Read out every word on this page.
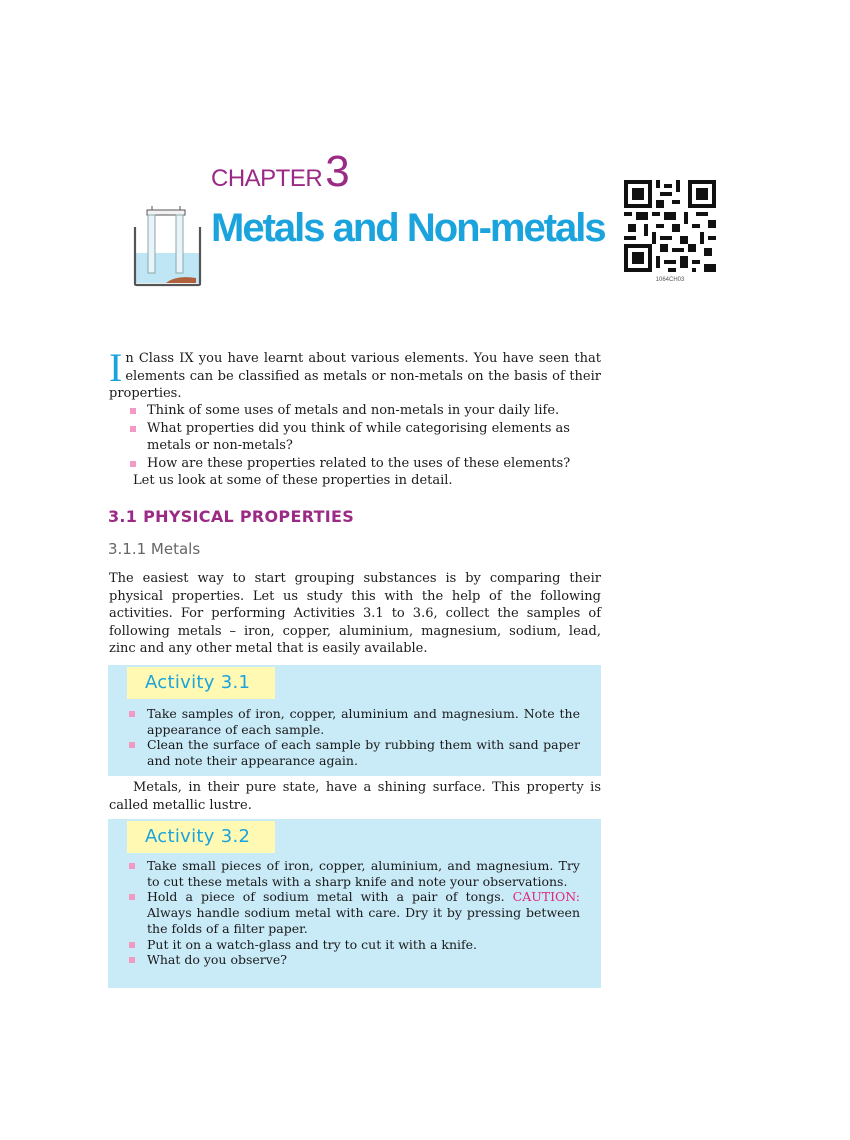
CHAPTER3
Metals and Non-metals
1064CH03
In Class IX you have learnt about various elements. You have seen that elements can be classified as metals or non-metals on the basis of their properties.
Think of some uses of metals and non-metals in your daily life.
What properties did you think of while categorising elements as metals or non-metals?
How are these properties related to the uses of these elements?
Let us look at some of these properties in detail.
3.1 PHYSICAL PROPERTIES
3.1.1 Metals
The easiest way to start grouping substances is by comparing their physical properties. Let us study this with the help of the following activities. For performing Activities 3.1 to 3.6, collect the samples of following metals – iron, copper, aluminium, magnesium, sodium, lead, zinc and any other metal that is easily available.
Activity 3.1
Take samples of iron, copper, aluminium and magnesium. Note the appearance of each sample.
Clean the surface of each sample by rubbing them with sand paper and note their appearance again.
Metals, in their pure state, have a shining surface. This property is called metallic lustre.
Activity 3.2
Take small pieces of iron, copper, aluminium, and magnesium. Try to cut these metals with a sharp knife and note your observations.
Hold a piece of sodium metal with a pair of tongs. CAUTION: Always handle sodium metal with care. Dry it by pressing between the folds of a filter paper.
Put it on a watch-glass and try to cut it with a knife.
What do you observe?
